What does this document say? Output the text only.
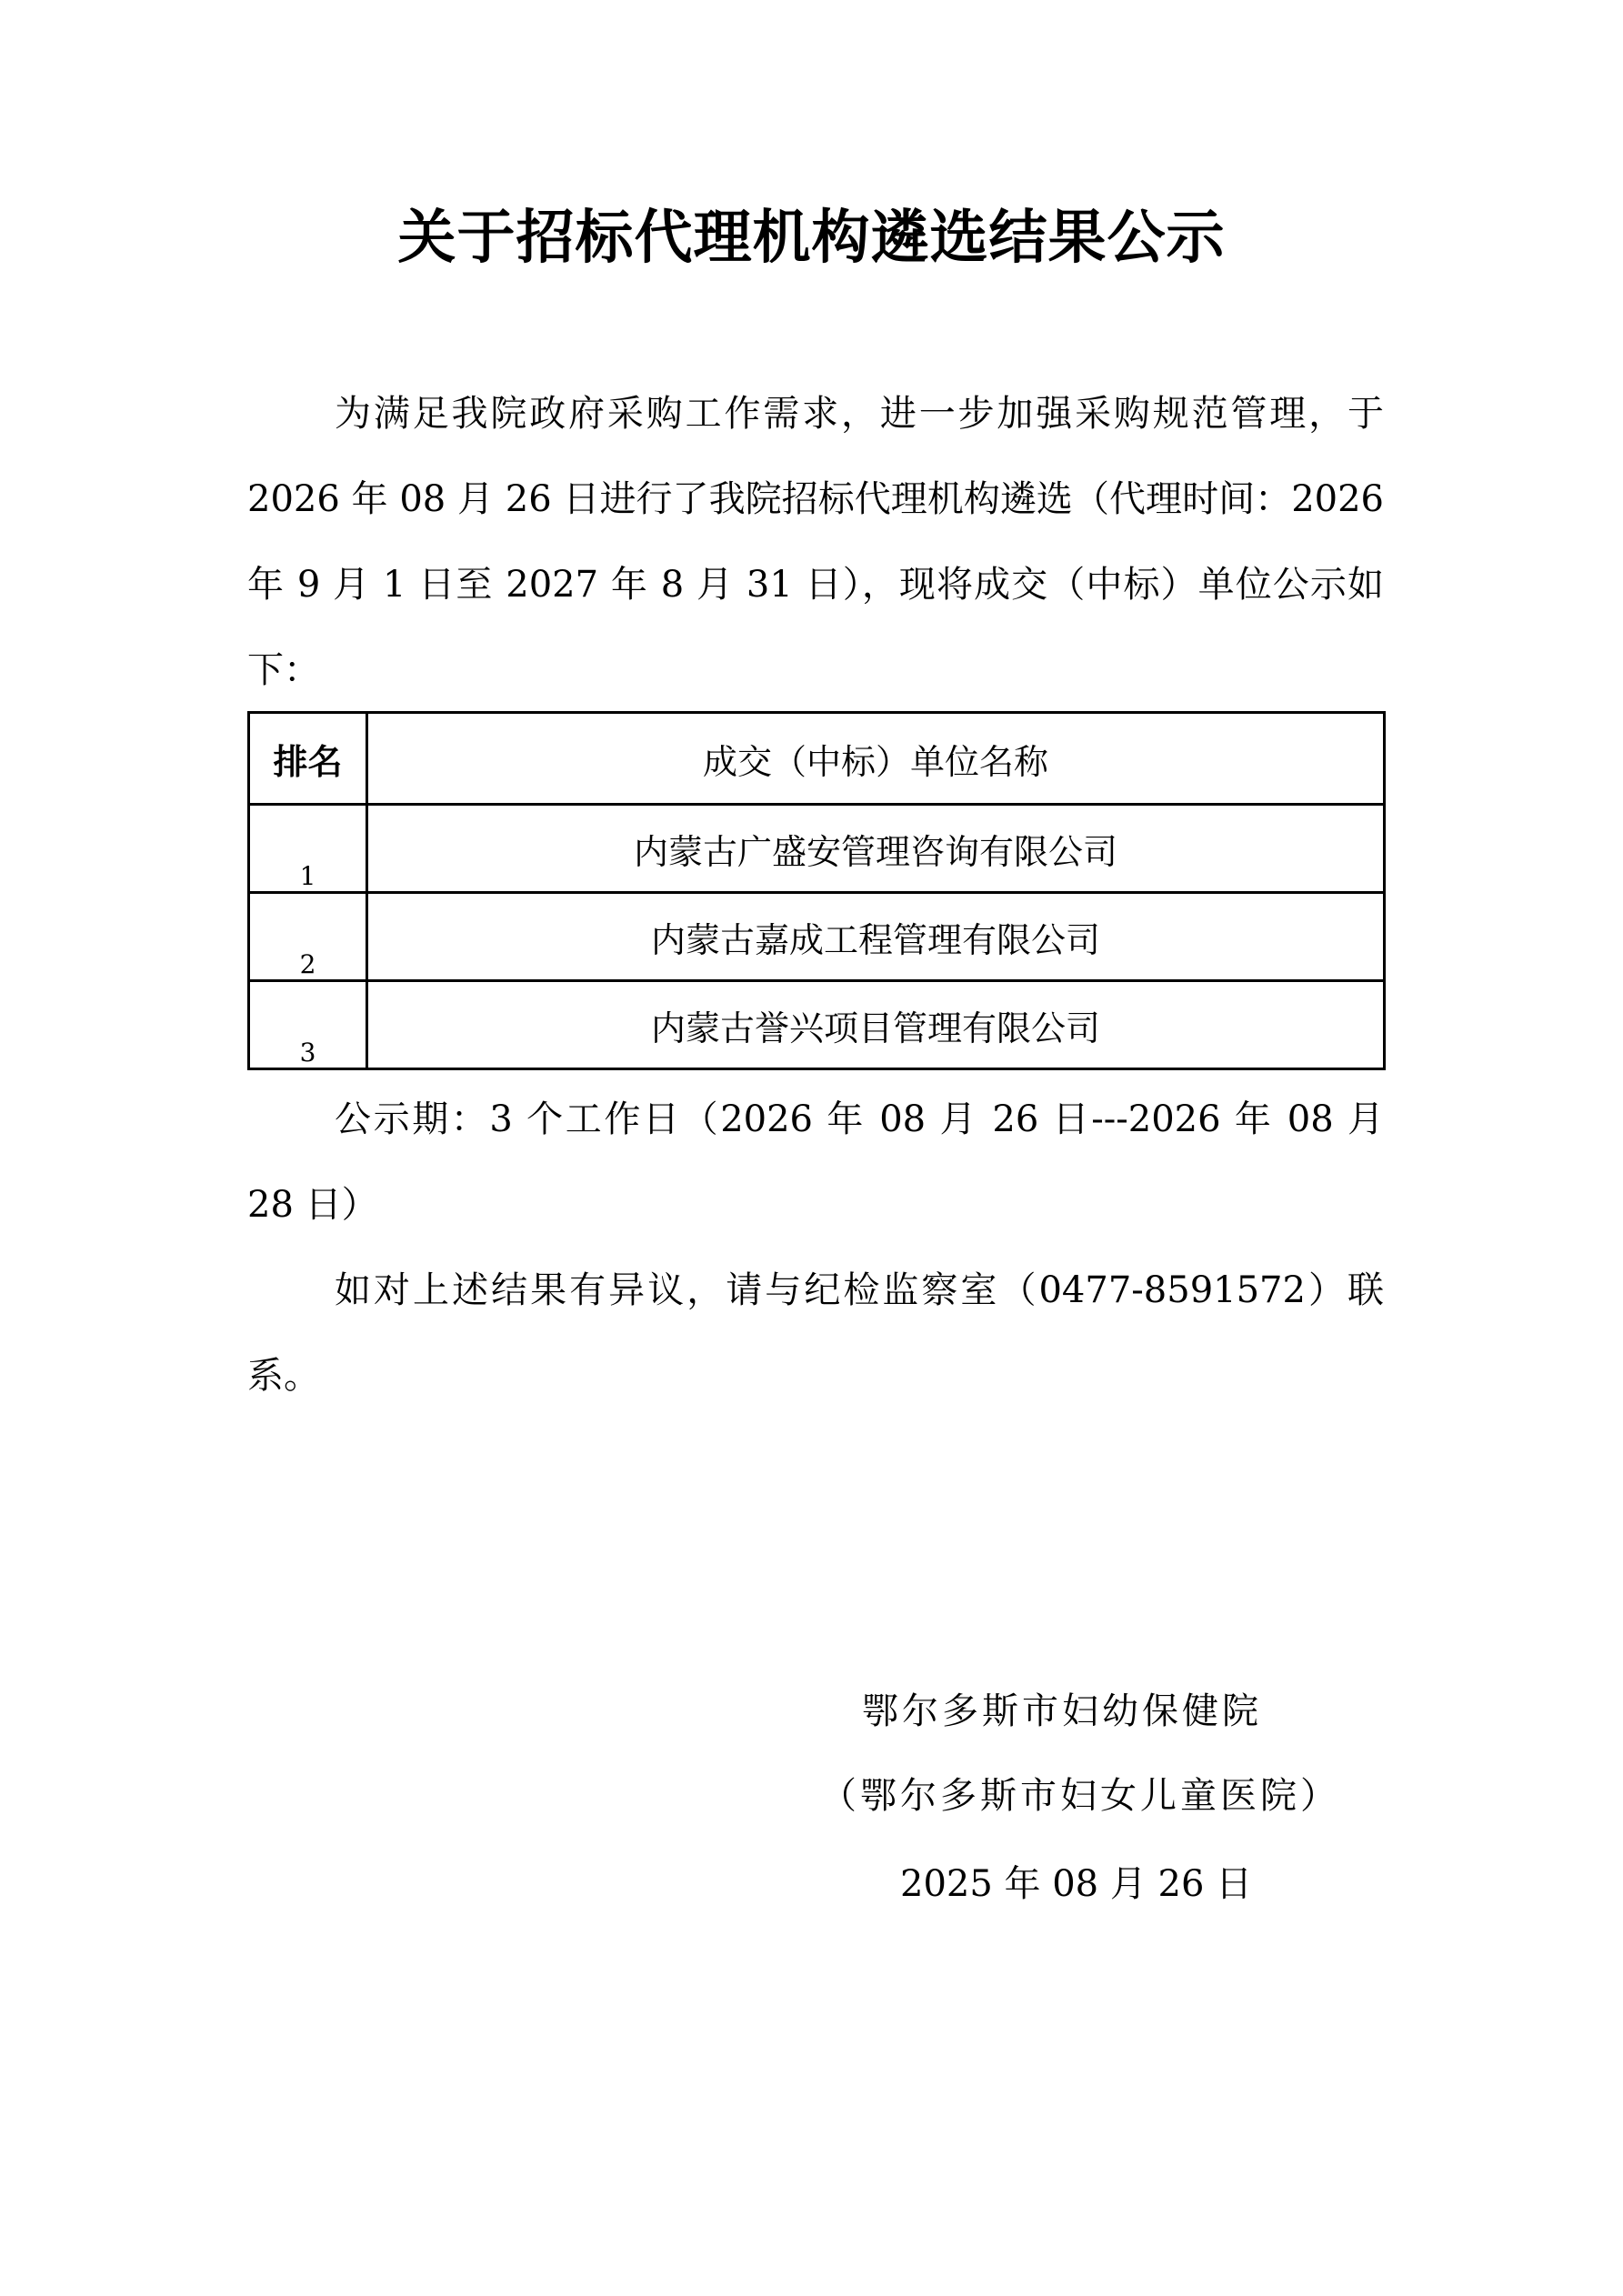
关于招标代理机构遴选结果公示
为满足我院政府采购工作需求，进一步加强采购规范管理，于 2026 年 08 月 26 日进行了我院招标代理机构遴选（代理时间：2026 年 9 月 1 日至 2027 年 8 月 31 日），现将成交（中标）单位公示如下：
排名	成交（中标）单位名称
1	内蒙古广盛安管理咨询有限公司
2	内蒙古嘉成工程管理有限公司
3	内蒙古誉兴项目管理有限公司
公示期：3 个工作日（2026 年 08 月 26 日---2026 年 08 月 28 日）
如对上述结果有异议，请与纪检监察室（0477-8591572）联系。
鄂尔多斯市妇幼保健院
（鄂尔多斯市妇女儿童医院）
2025 年 08 月 26 日
